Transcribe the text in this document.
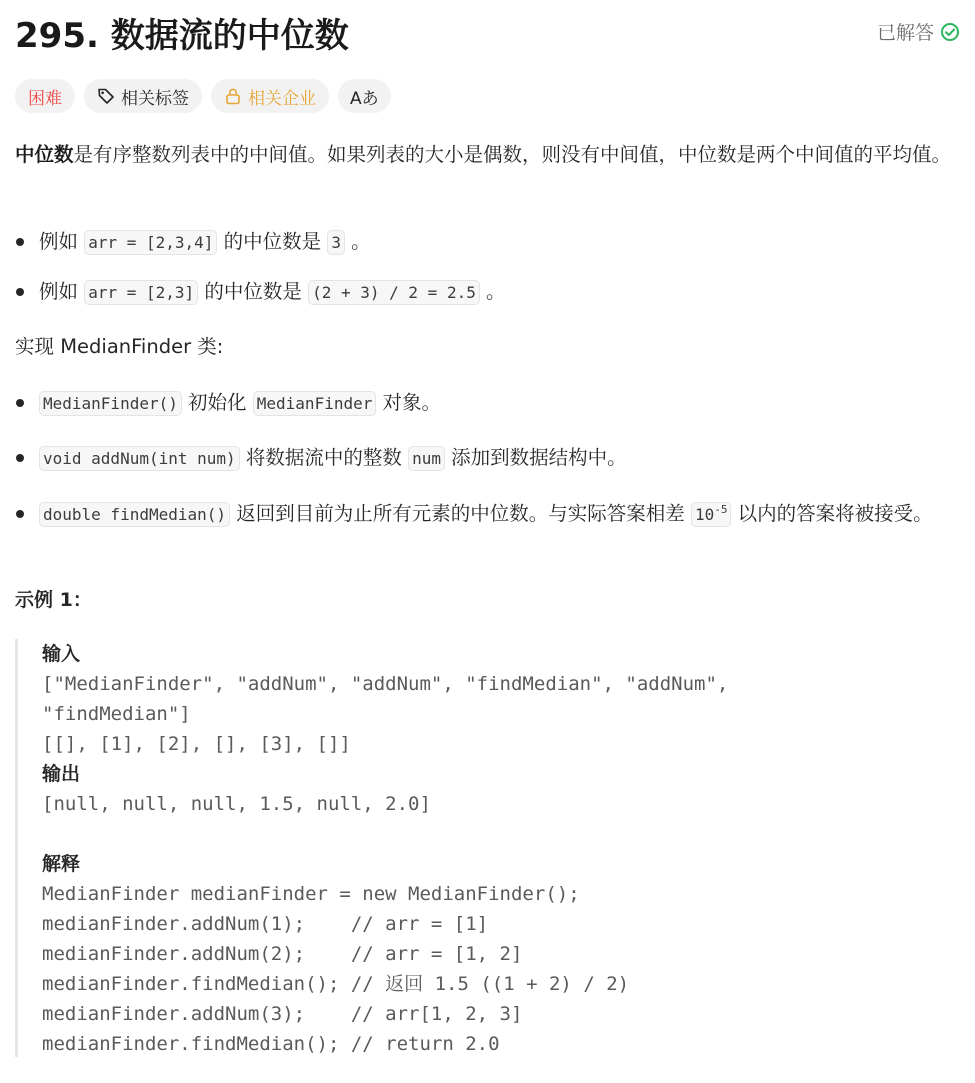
295. 数据流的中位数	已解答
困难	相关标签	相关企业	Aあ

中位数是有序整数列表中的中间值。如果列表的大小是偶数，则没有中间值，中位数是两个中间值的平均值。

例如 arr = [2,3,4] 的中位数是 3 。
例如 arr = [2,3] 的中位数是 (2 + 3) / 2 = 2.5 。

实现 MedianFinder 类:

MedianFinder() 初始化 MedianFinder 对象。
void addNum(int num) 将数据流中的整数 num 添加到数据结构中。
double findMedian() 返回到目前为止所有元素的中位数。与实际答案相差 $10^{-5}$ 以内的答案将被接受。
示例 1：
输入
["MedianFinder", "addNum", "addNum", "findMedian", "addNum",
"findMedian"]
[[], [1], [2], [], [3], []]
输出
[null, null, null, 1.5, null, 2.0]
解释
MedianFinder medianFinder = new MedianFinder();
medianFinder.addNum(1);    // arr = [1]
medianFinder.addNum(2);    // arr = [1, 2]
medianFinder.findMedian(); // 返回 1.5 ((1 + 2) / 2)
medianFinder.addNum(3);    // arr[1, 2, 3]
medianFinder.findMedian(); // return 2.0
